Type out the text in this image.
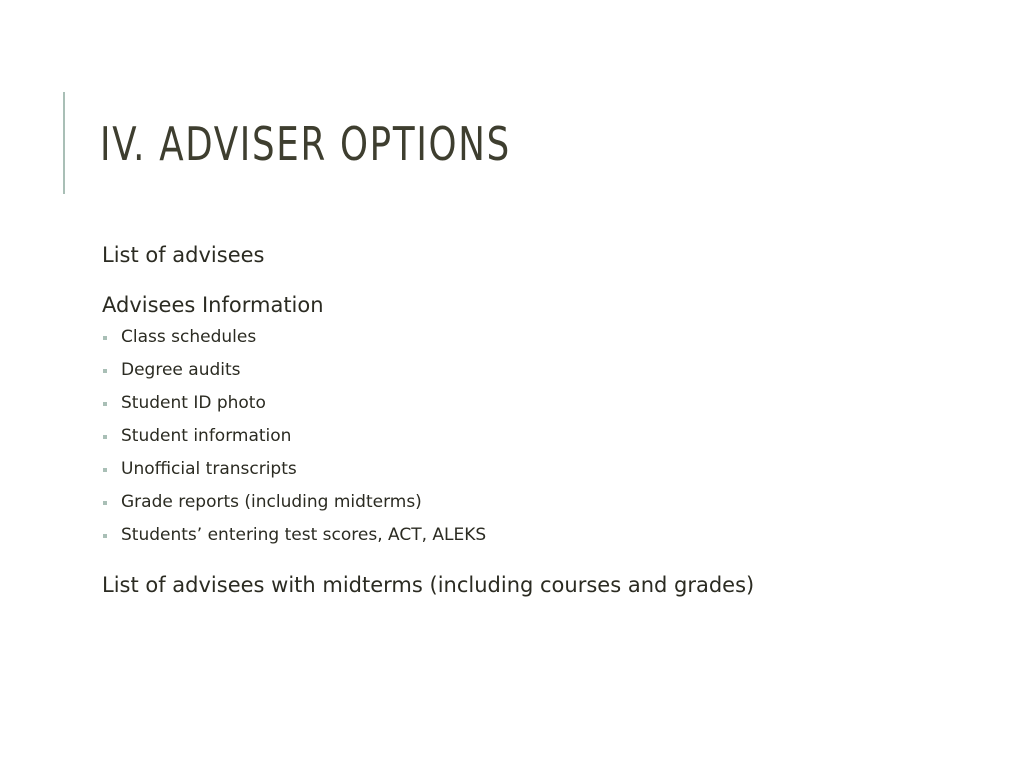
IV. ADVISER OPTIONS

List of advisees

Advisees Information

Class schedules
Degree audits
Student ID photo
Student information
Unofficial transcripts
Grade reports (including midterms)
Students’ entering test scores, ACT, ALEKS

List of advisees with midterms (including courses and grades)
